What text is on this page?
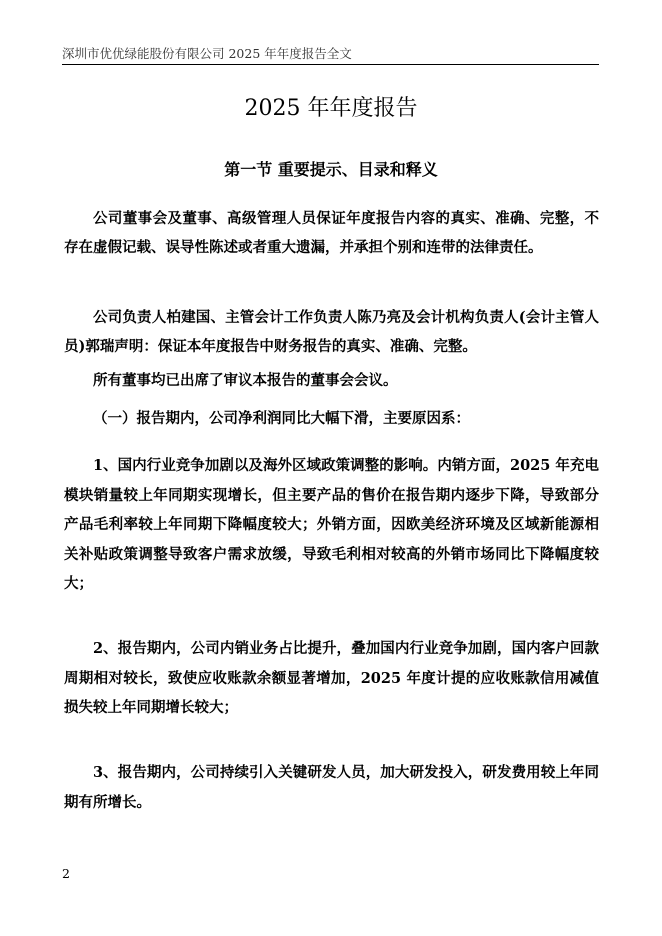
深圳市优优绿能股份有限公司 2025 年年度报告全文
2025 年年度报告
第一节 重要提示、目录和释义

公司董事会及董事、高级管理人员保证年度报告内容的真实、准确、完整，不存在虚假记载、误导性陈述或者重大遗漏，并承担个别和连带的法律责任。

公司负责人柏建国、主管会计工作负责人陈乃亮及会计机构负责人(会计主管人员)郭瑞声明：保证本年度报告中财务报告的真实、准确、完整。

所有董事均已出席了审议本报告的董事会会议。

（一）报告期内，公司净利润同比大幅下滑，主要原因系：

1、国内行业竞争加剧以及海外区域政策调整的影响。内销方面，2025 年充电模块销量较上年同期实现增长，但主要产品的售价在报告期内逐步下降，导致部分产品毛利率较上年同期下降幅度较大；外销方面，因欧美经济环境及区域新能源相关补贴政策调整导致客户需求放缓，导致毛利相对较高的外销市场同比下降幅度较大；

2、报告期内，公司内销业务占比提升，叠加国内行业竞争加剧，国内客户回款周期相对较长，致使应收账款余额显著增加，2025 年度计提的应收账款信用减值损失较上年同期增长较大；

3、报告期内，公司持续引入关键研发人员，加大研发投入，研发费用较上年同期有所增长。

2
